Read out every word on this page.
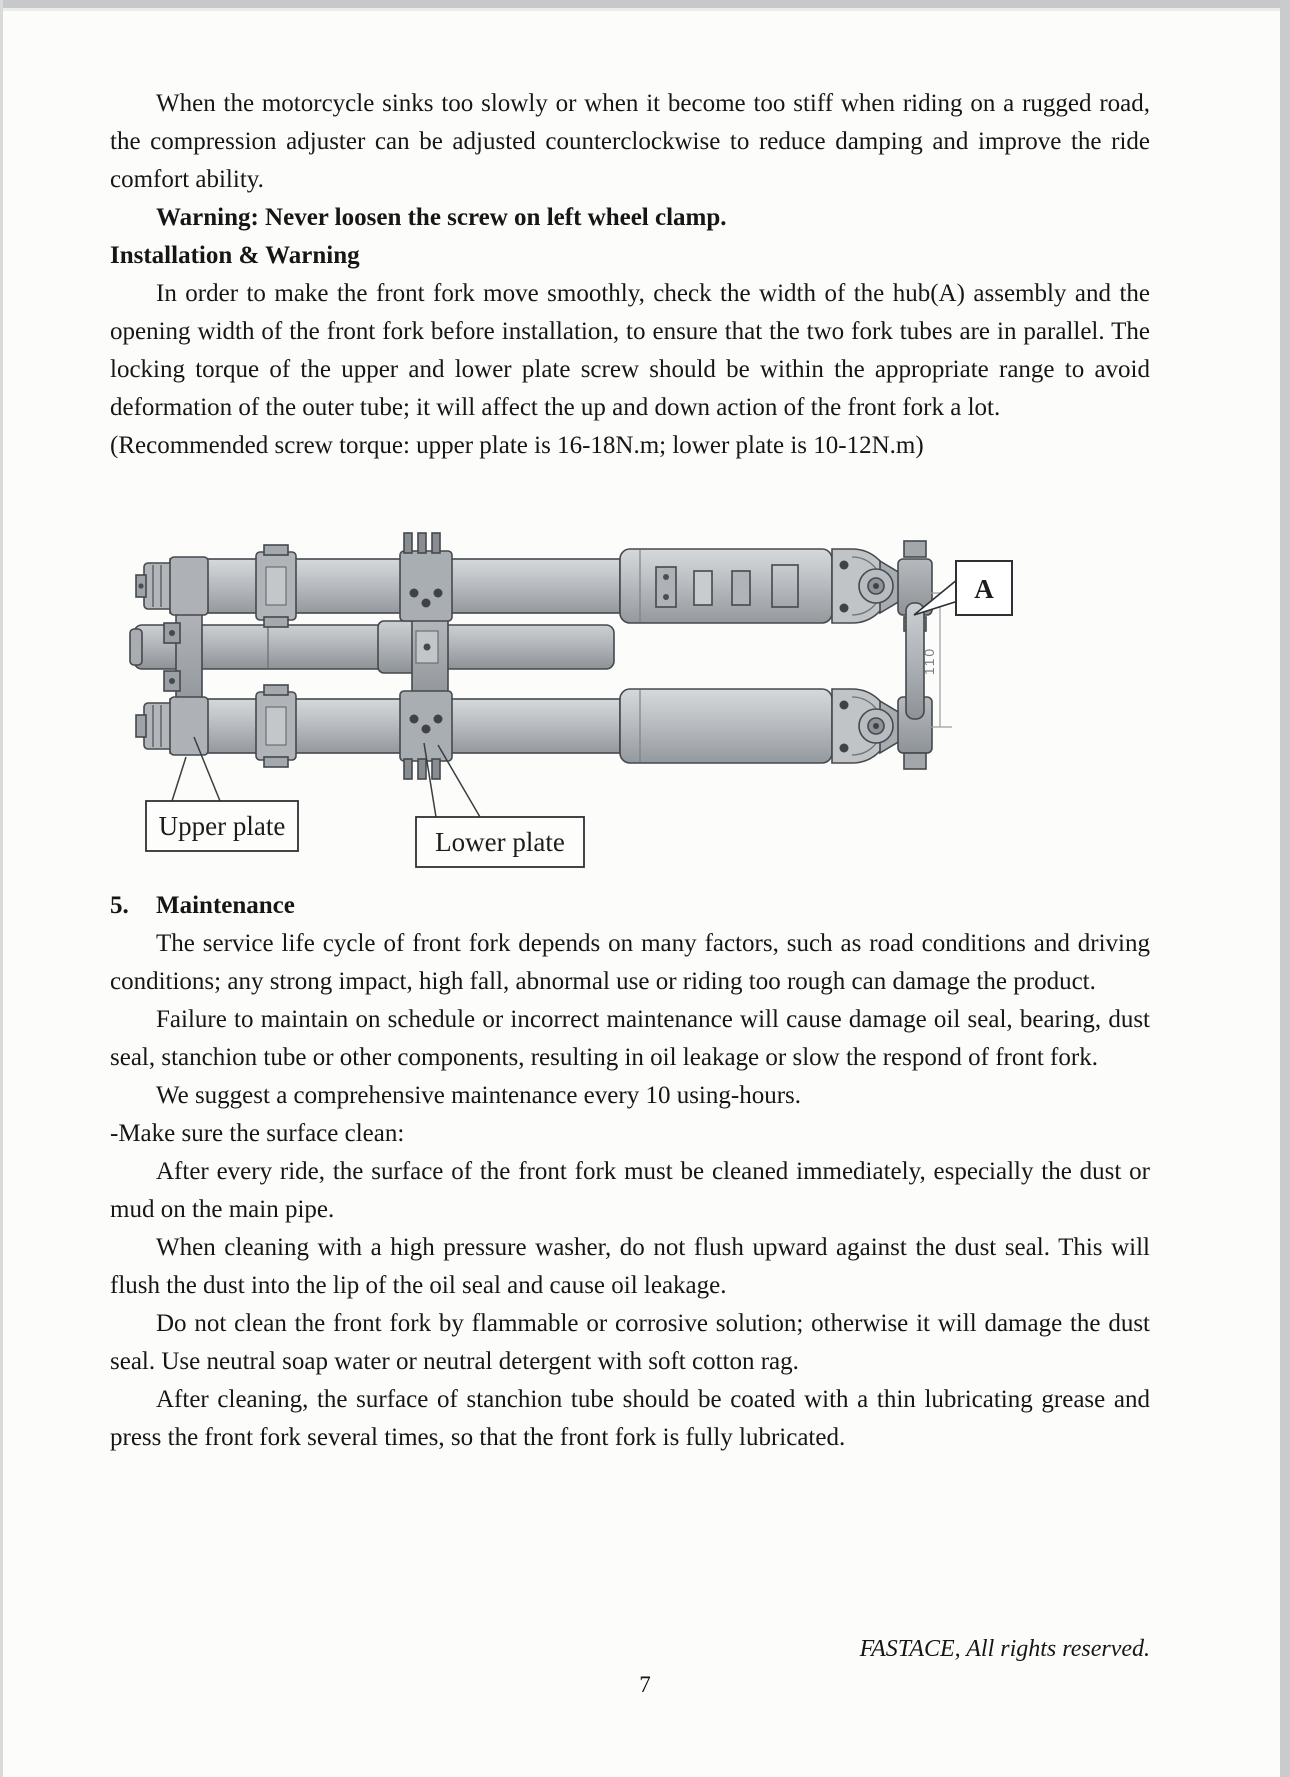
When the motorcycle sinks too slowly or when it become too stiff when riding on a rugged road, the compression adjuster can be adjusted counterclockwise to reduce damping and improve the ride comfort ability.

Warning: Never loosen the screw on left wheel clamp.

Installation & Warning

In order to make the front fork move smoothly, check the width of the hub(A) assembly and the opening width of the front fork before installation, to ensure that the two fork tubes are in parallel. The locking torque of the upper and lower plate screw should be within the appropriate range to avoid deformation of the outer tube; it will affect the up and down action of the front fork a lot.

(Recommended screw torque: upper plate is 16-18N.m; lower plate is 10-12N.m)

110
A
Upper plate
Lower plate
5.	Maintenance

The service life cycle of front fork depends on many factors, such as road conditions and driving conditions; any strong impact, high fall, abnormal use or riding too rough can damage the product.

Failure to maintain on schedule or incorrect maintenance will cause damage oil seal, bearing, dust seal, stanchion tube or other components, resulting in oil leakage or slow the respond of front fork.

We suggest a comprehensive maintenance every 10 using-hours.

-Make sure the surface clean:

After every ride, the surface of the front fork must be cleaned immediately, especially the dust or mud on the main pipe.

When cleaning with a high pressure washer, do not flush upward against the dust seal. This will flush the dust into the lip of the oil seal and cause oil leakage.

Do not clean the front fork by flammable or corrosive solution; otherwise it will damage the dust seal. Use neutral soap water or neutral detergent with soft cotton rag.

After cleaning, the surface of stanchion tube should be coated with a thin lubricating grease and press the front fork several times, so that the front fork is fully lubricated.

FASTACE, All rights reserved.
7
